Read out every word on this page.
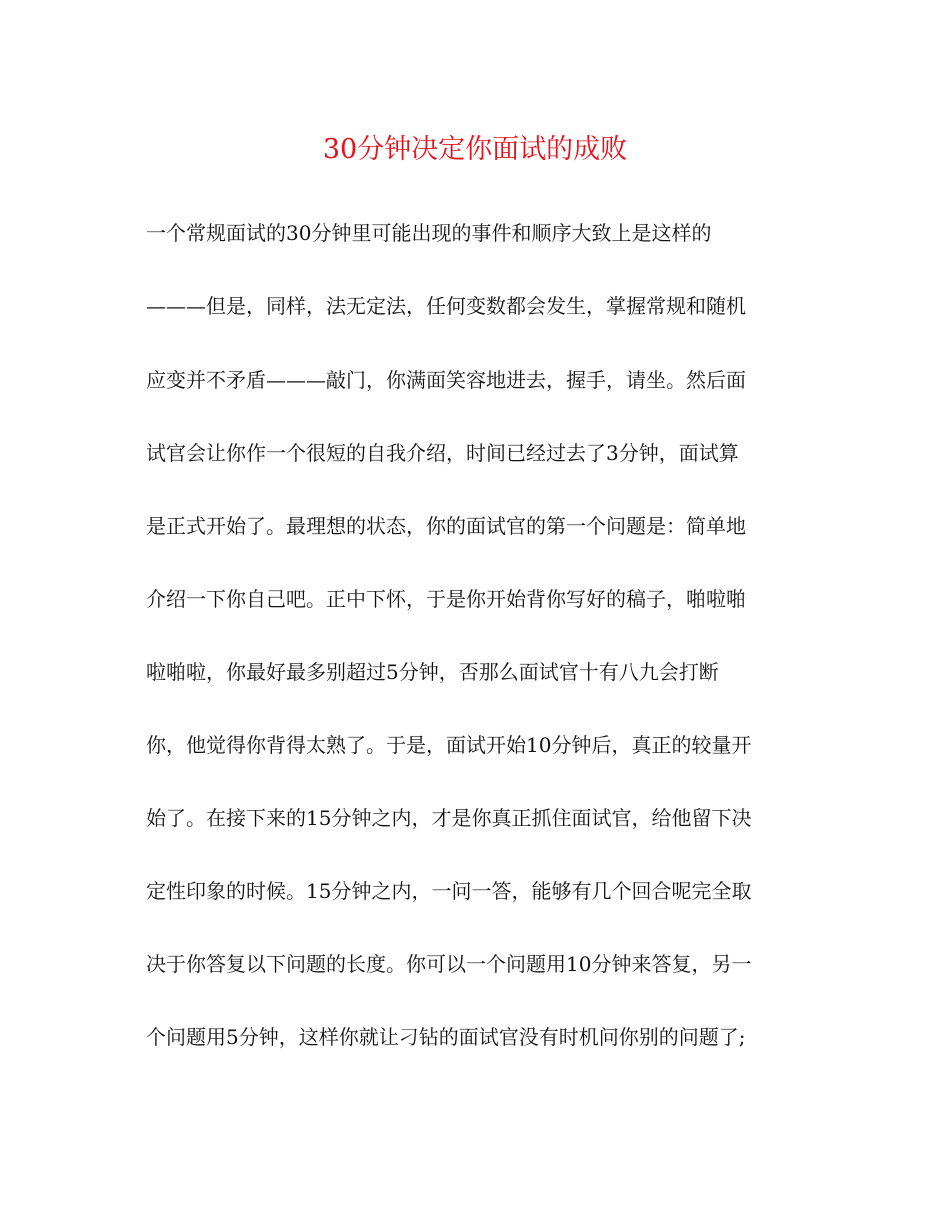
30分钟决定你面试的成败
一个常规面试的30分钟里可能出现的事件和顺序大致上是这样的
———但是，同样，法无定法，任何变数都会发生，掌握常规和随机
应变并不矛盾———敲门，你满面笑容地进去，握手，请坐。然后面
试官会让你作一个很短的自我介绍，时间已经过去了3分钟，面试算
是正式开始了。最理想的状态，你的面试官的第一个问题是：简单地
介绍一下你自己吧。正中下怀，于是你开始背你写好的稿子，啪啦啪
啦啪啦，你最好最多别超过5分钟，否那么面试官十有八九会打断
你，他觉得你背得太熟了。于是，面试开始10分钟后，真正的较量开
始了。在接下来的15分钟之内，才是你真正抓住面试官，给他留下决
定性印象的时候。15分钟之内，一问一答，能够有几个回合呢完全取
决于你答复以下问题的长度。你可以一个问题用10分钟来答复，另一
个问题用5分钟，这样你就让刁钻的面试官没有时机问你别的问题了;
